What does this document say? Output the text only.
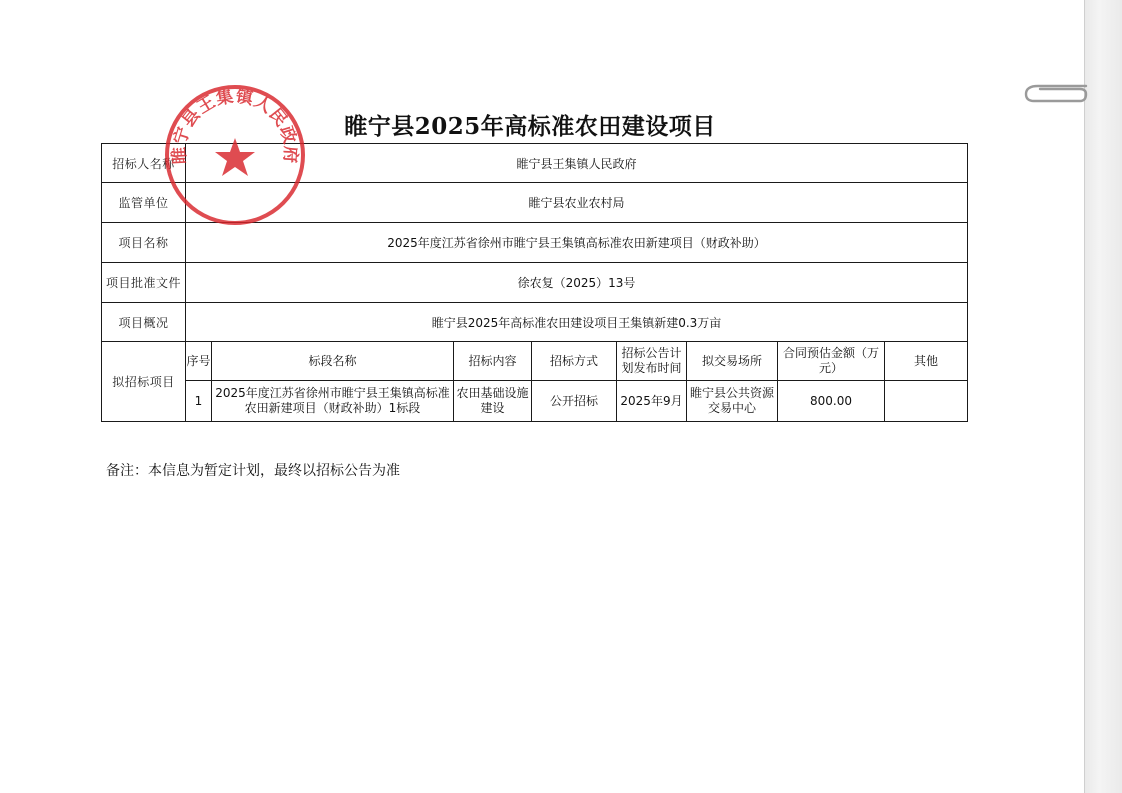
睢宁县2025年高标准农田建设项目
招标人名称	睢宁县王集镇人民政府							
监管单位	睢宁县农业农村局							
项目名称	2025年度江苏省徐州市睢宁县王集镇高标准农田新建项目（财政补助）							
项目批准文件	徐农复（2025）13号							
项目概况	睢宁县2025年高标准农田建设项目王集镇新建0.3万亩							
拟招标项目	序号	标段名称	招标内容	招标方式	招标公告计划发布时间	拟交易场所	合同预估金额（万元）	其他
	1	2025年度江苏省徐州市睢宁县王集镇高标准农田新建项目（财政补助）1标段	农田基础设施建设	公开招标	2025年9月	睢宁县公共资源交易中心	800.00	
备注：本信息为暂定计划，最终以招标公告为准
睢宁县王集镇人民政府
